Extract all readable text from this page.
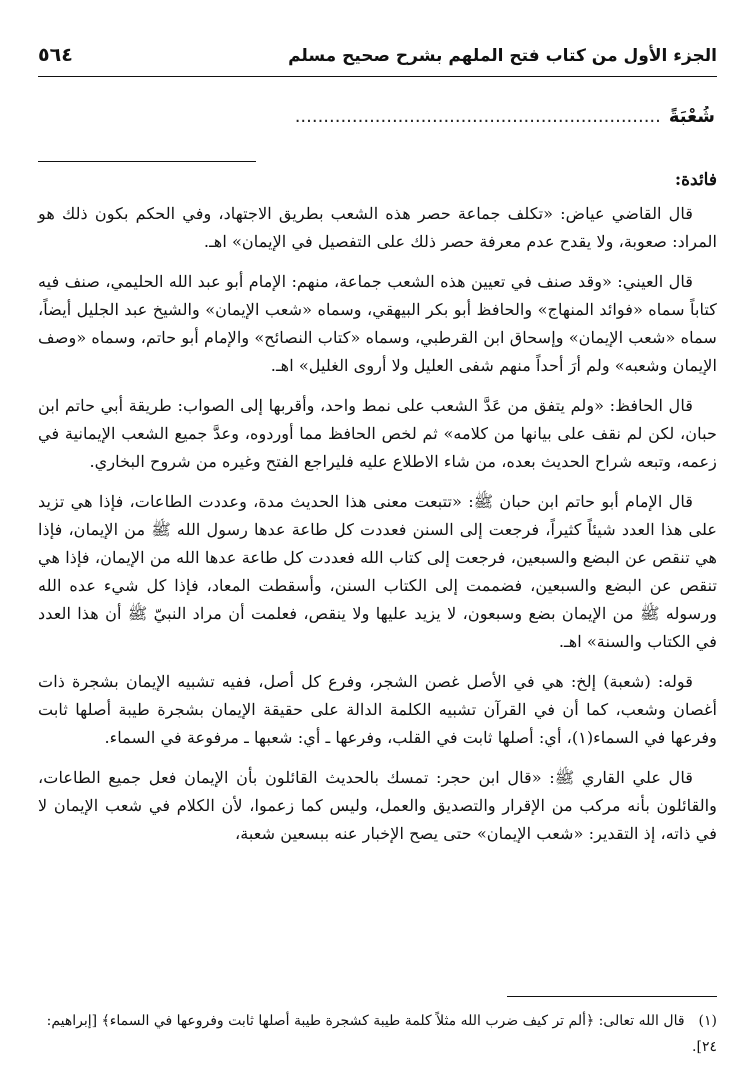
الجزء الأول من كتاب فتح الملهم بشرح صحيح مسلم
٥٦٤
شُعْبَةً................................................................
فائدة:

قال القاضي عياض: «تكلف جماعة حصر هذه الشعب بطريق الاجتهاد، وفي الحكم بكون ذلك هو المراد: صعوبة، ولا يقدح عدم معرفة حصر ذلك على التفصيل في الإيمان» اهـ.

قال العيني: «وقد صنف في تعيين هذه الشعب جماعة، منهم: الإمام أبو عبد الله الحليمي، صنف فيه كتاباً سماه «فوائد المنهاج» والحافظ أبو بكر البيهقي، وسماه «شعب الإيمان» والشيخ عبد الجليل أيضاً، سماه «شعب الإيمان» وإسحاق ابن القرطبي، وسماه «كتاب النصائح» والإمام أبو حاتم، وسماه «وصف الإيمان وشعبه» ولم أرَ أحداً منهم شفى العليل ولا أروى الغليل» اهـ.

قال الحافظ: «ولم يتفق من عَدَّ الشعب على نمط واحد، وأقربها إلى الصواب: طريقة أبي حاتم ابن حبان، لكن لم نقف على بيانها من كلامه» ثم لخص الحافظ مما أوردوه، وعدَّ جميع الشعب الإيمانية في زعمه، وتبعه شراح الحديث بعده، من شاء الاطلاع عليه فليراجع الفتح وغيره من شروح البخاري.

قال الإمام أبو حاتم ابن حبان ﷺ: «تتبعت معنى هذا الحديث مدة، وعددت الطاعات، فإذا هي تزيد على هذا العدد شيئاً كثيراً، فرجعت إلى السنن فعددت كل طاعة عدها رسول الله ﷺ من الإيمان، فإذا هي تنقص عن البضع والسبعين، فرجعت إلى كتاب الله فعددت كل طاعة عدها الله من الإيمان، فإذا هي تنقص عن البضع والسبعين، فضممت إلى الكتاب السنن، وأسقطت المعاد، فإذا كل شيء عده الله ورسوله ﷺ من الإيمان بضع وسبعون، لا يزيد عليها ولا ينقص، فعلمت أن مراد النبيّ ﷺ أن هذا العدد في الكتاب والسنة» اهـ.

قوله: (شعبة) إلخ: هي في الأصل غصن الشجر، وفرع كل أصل، ففيه تشبيه الإيمان بشجرة ذات أغصان وشعب، كما أن في القرآن تشبيه الكلمة الدالة على حقيقة الإيمان بشجرة طيبة أصلها ثابت وفرعها في السماء(١)، أي: أصلها ثابت في القلب، وفرعها ـ أي: شعبها ـ مرفوعة في السماء.

قال علي القاري ﷺ: «قال ابن حجر: تمسك بالحديث القائلون بأن الإيمان فعل جميع الطاعات، والقائلون بأنه مركب من الإقرار والتصديق والعمل، وليس كما زعموا، لأن الكلام في شعب الإيمان لا في ذاته، إذ التقدير: «شعب الإيمان» حتى يصح الإخبار عنه ببسعين شعبة،

(١)قال الله تعالى: ﴿ألم تر كيف ضرب الله مثلاً كلمة طيبة كشجرة طيبة أصلها ثابت وفروعها في السماء﴾ [إبراهيم: ٢٤].
